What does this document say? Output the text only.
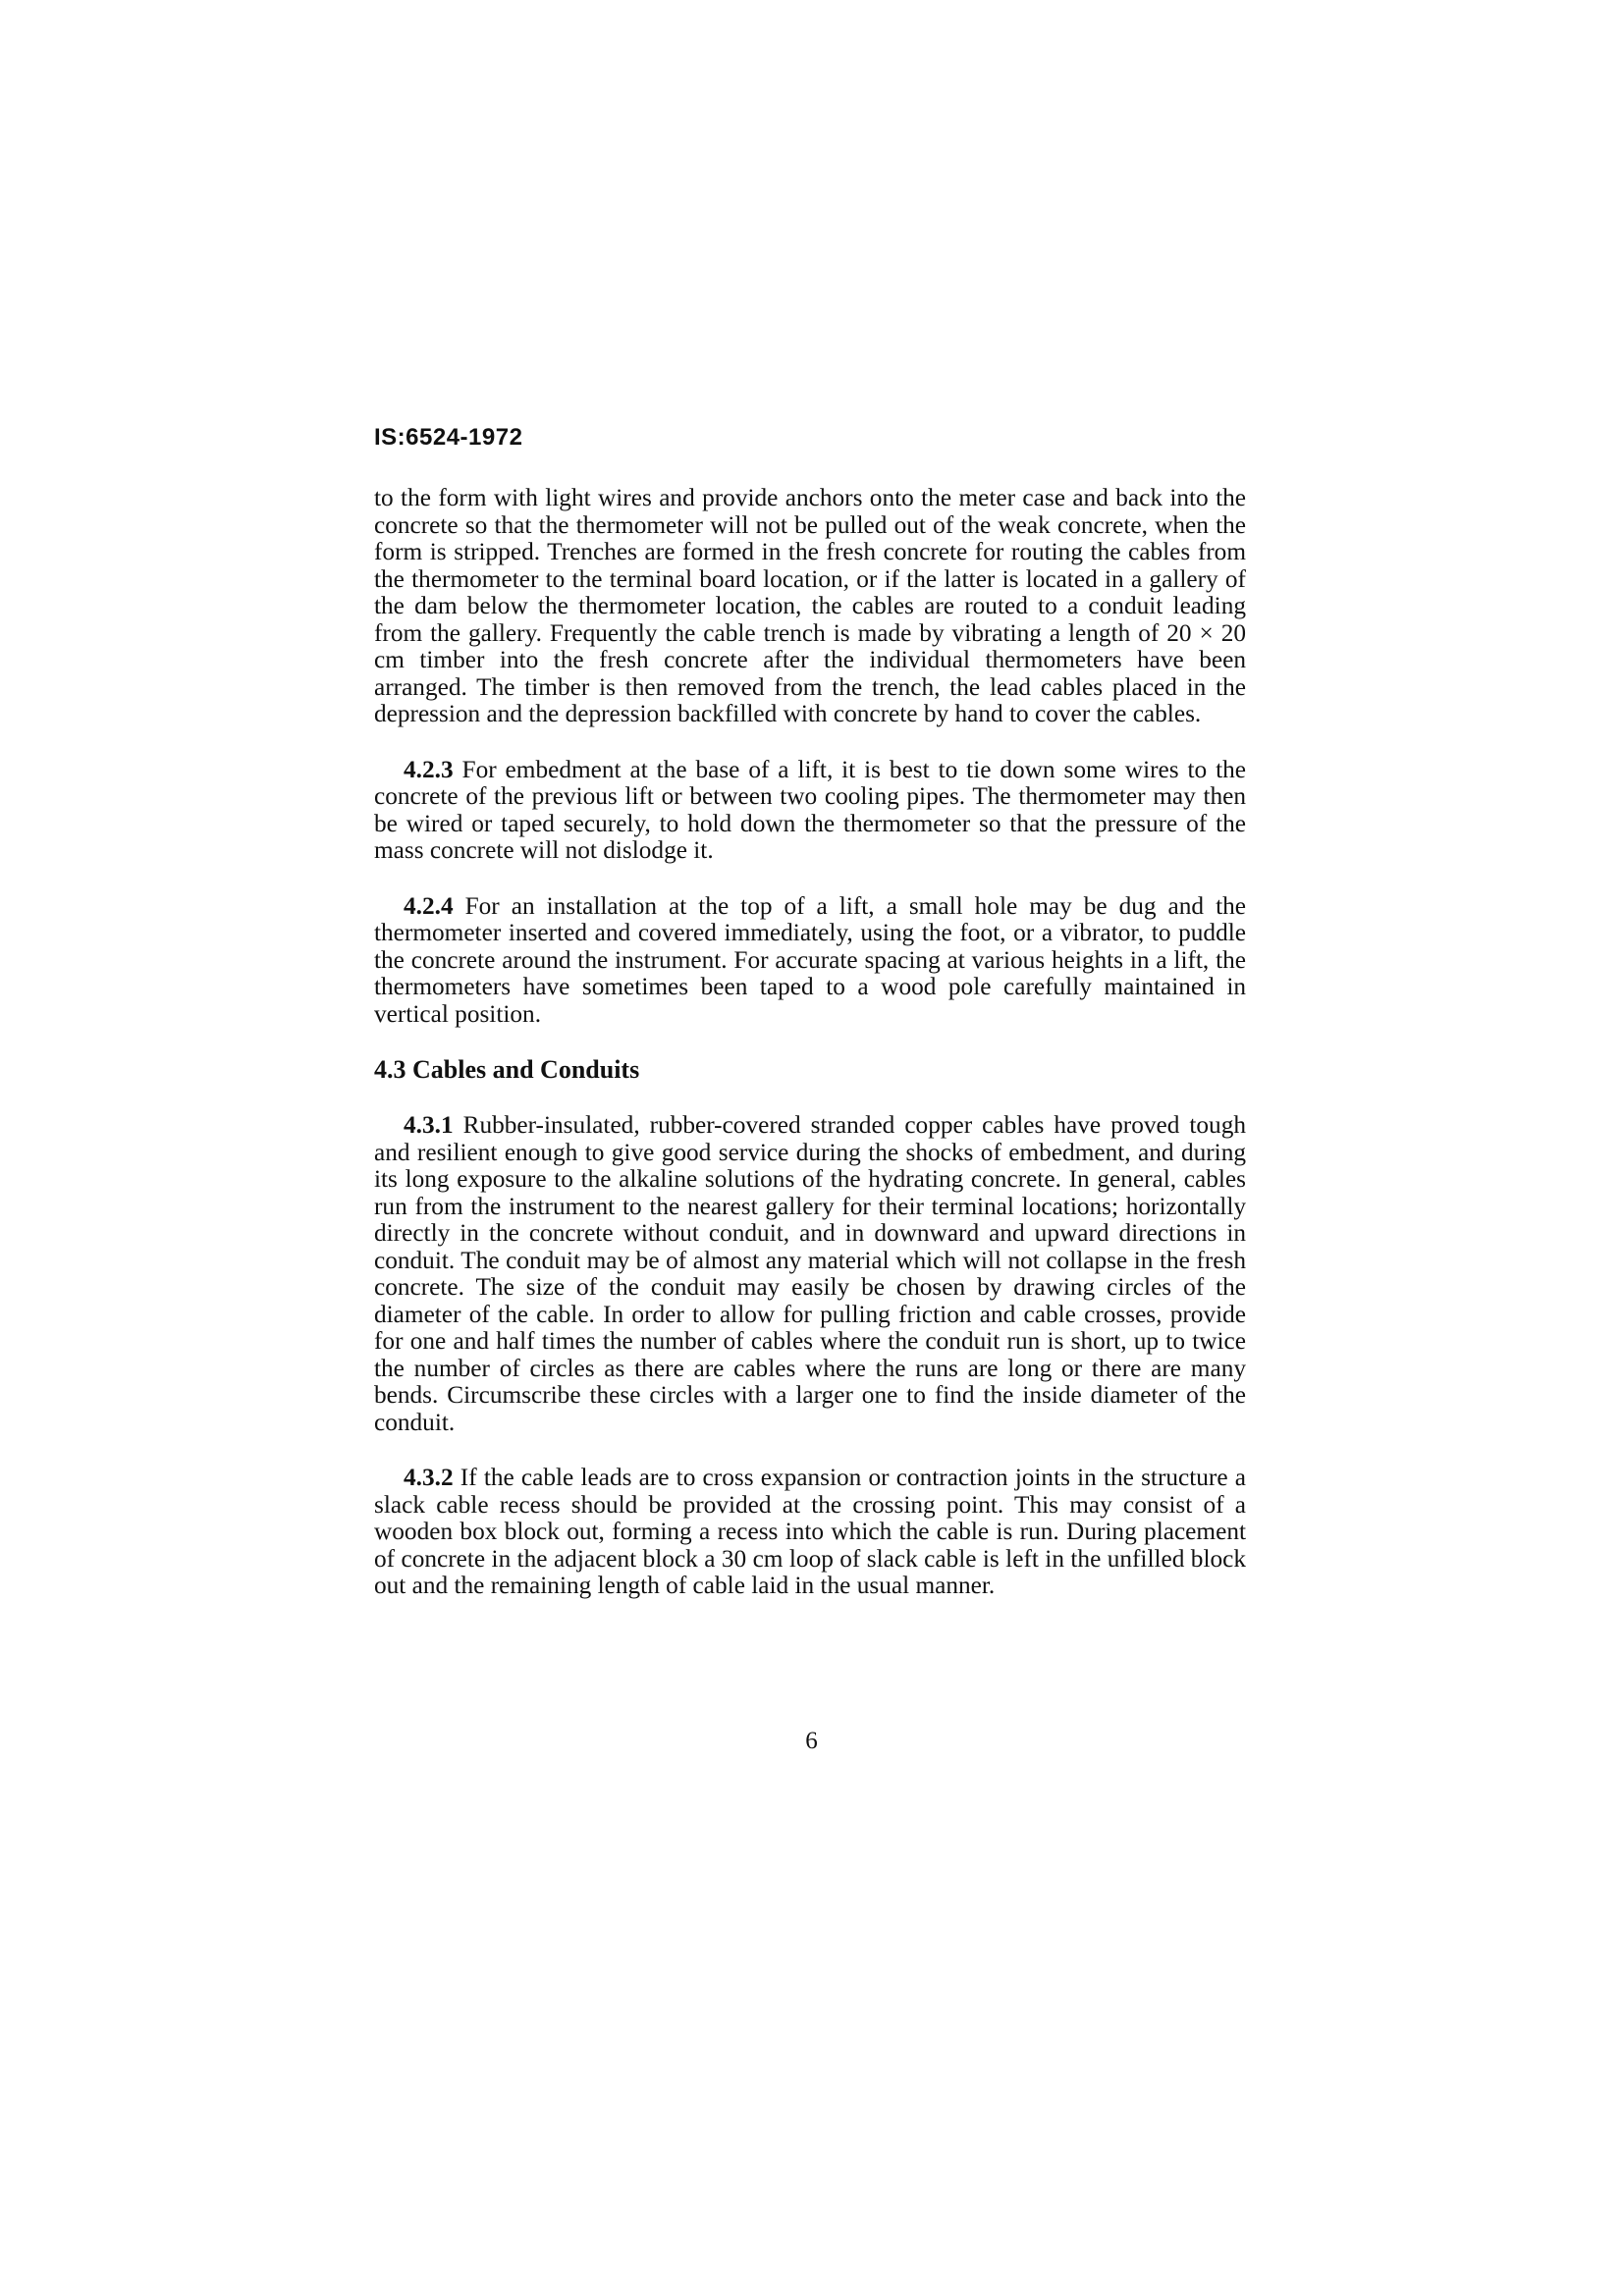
IS:6524-1972

to the form with light wires and provide anchors onto the meter case and back into the concrete so that the thermometer will not be pulled out of the weak concrete, when the form is stripped. Trenches are formed in the fresh concrete for routing the cables from the thermometer to the terminal board location, or if the latter is located in a gallery of the dam below the thermometer location, the cables are routed to a conduit leading from the gallery. Frequently the cable trench is made by vibrating a length of 20 × 20 cm timber into the fresh concrete after the individual thermometers have been arranged. The timber is then removed from the trench, the lead cables placed in the depression and the depression backfilled with concrete by hand to cover the cables.

4.2.3 For embedment at the base of a lift, it is best to tie down some wires to the concrete of the previous lift or between two cooling pipes. The thermometer may then be wired or taped securely, to hold down the thermometer so that the pressure of the mass concrete will not dislodge it.

4.2.4 For an installation at the top of a lift, a small hole may be dug and the thermometer inserted and covered immediately, using the foot, or a vibrator, to puddle the concrete around the instrument. For accurate spacing at various heights in a lift, the thermometers have sometimes been taped to a wood pole carefully maintained in vertical position.

4.3 Cables and Conduits

4.3.1 Rubber-insulated, rubber-covered stranded copper cables have proved tough and resilient enough to give good service during the shocks of embedment, and during its long exposure to the alkaline solutions of the hydrating concrete. In general, cables run from the instrument to the nearest gallery for their terminal locations; horizontally directly in the concrete without conduit, and in downward and upward directions in conduit. The conduit may be of almost any material which will not collapse in the fresh concrete. The size of the conduit may easily be chosen by drawing circles of the diameter of the cable. In order to allow for pulling friction and cable crosses, provide for one and half times the number of cables where the conduit run is short, up to twice the number of circles as there are cables where the runs are long or there are many bends. Circumscribe these circles with a larger one to find the inside diameter of the conduit.

4.3.2 If the cable leads are to cross expansion or contraction joints in the structure a slack cable recess should be provided at the crossing point. This may consist of a wooden box block out, forming a recess into which the cable is run. During placement of concrete in the adjacent block a 30 cm loop of slack cable is left in the unfilled block out and the remaining length of cable laid in the usual manner.

6
